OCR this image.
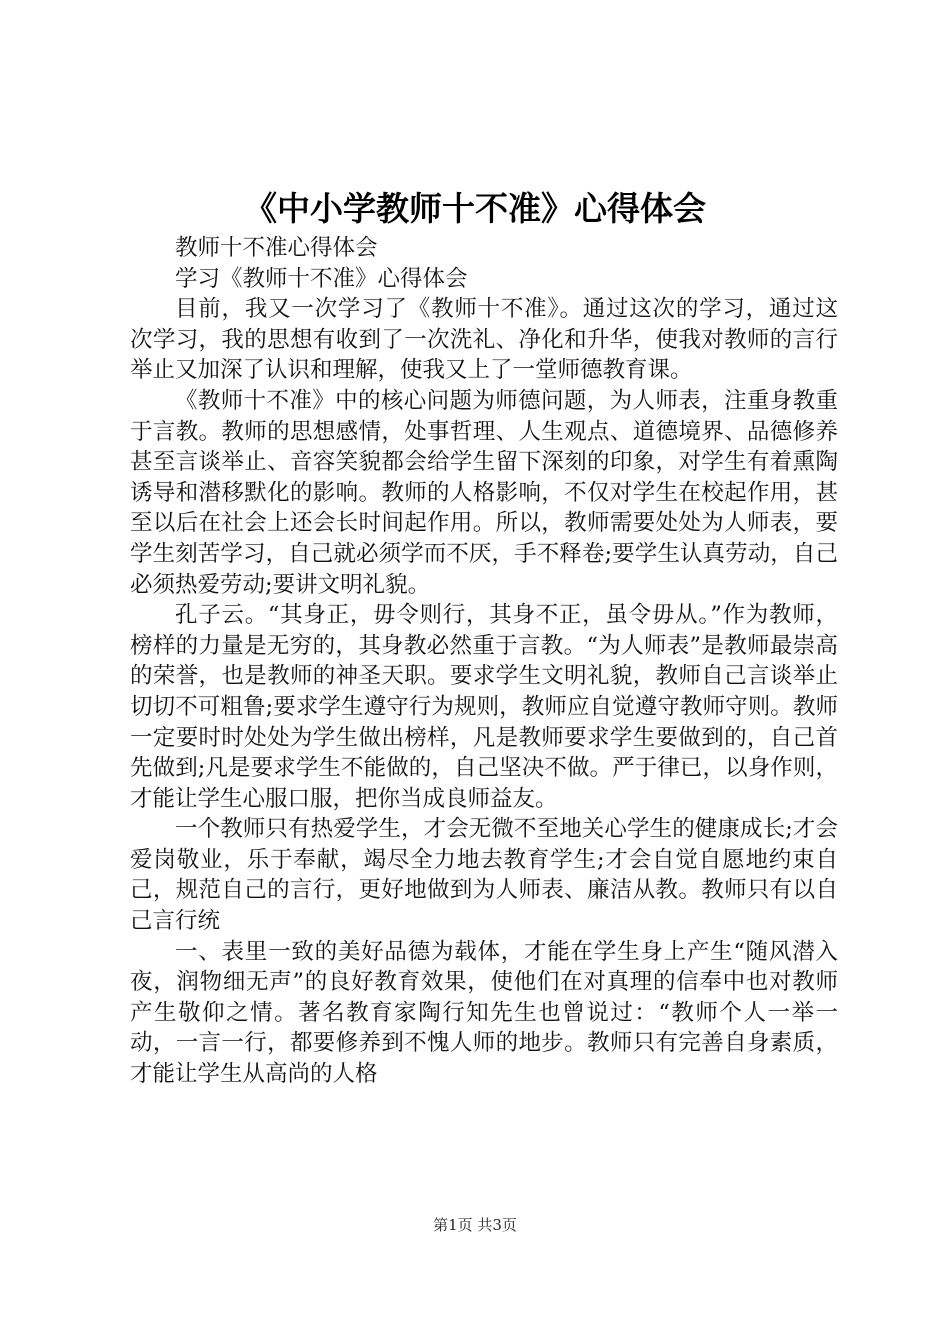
《中小学教师十不准》心得体会

教师十不准心得体会

学习《教师十不准》心得体会

目前，我又一次学习了《教师十不准》。通过这次的学习，通过这次学习，我的思想有收到了一次洗礼、净化和升华，使我对教师的言行举止又加深了认识和理解，使我又上了一堂师德教育课。

《教师十不准》中的核心问题为师德问题，为人师表，注重身教重于言教。教师的思想感情，处事哲理、人生观点、道德境界、品德修养甚至言谈举止、音容笑貌都会给学生留下深刻的印象，对学生有着熏陶诱导和潜移默化的影响。教师的人格影响，不仅对学生在校起作用，甚至以后在社会上还会长时间起作用。所以，教师需要处处为人师表，要学生刻苦学习，自己就必须学而不厌，手不释卷;要学生认真劳动，自己必须热爱劳动;要讲文明礼貌。

孔子云。“其身正，毋令则行，其身不正，虽令毋从。”作为教师，榜样的力量是无穷的，其身教必然重于言教。“为人师表”是教师最崇高的荣誉，也是教师的神圣天职。要求学生文明礼貌，教师自己言谈举止切切不可粗鲁;要求学生遵守行为规则，教师应自觉遵守教师守则。教师一定要时时处处为学生做出榜样，凡是教师要求学生要做到的，自己首先做到;凡是要求学生不能做的，自己坚决不做。严于律已，以身作则，才能让学生心服口服，把你当成良师益友。

一个教师只有热爱学生，才会无微不至地关心学生的健康成长;才会爱岗敬业，乐于奉献，竭尽全力地去教育学生;才会自觉自愿地约束自己，规范自己的言行，更好地做到为人师表、廉洁从教。教师只有以自己言行统

一、表里一致的美好品德为载体，才能在学生身上产生“随风潜入夜，润物细无声”的良好教育效果，使他们在对真理的信奉中也对教师产生敬仰之情。著名教育家陶行知先生也曾说过：“教师个人一举一动，一言一行，都要修养到不愧人师的地步。教师只有完善自身素质，才能让学生从高尚的人格

第1页 共3页
